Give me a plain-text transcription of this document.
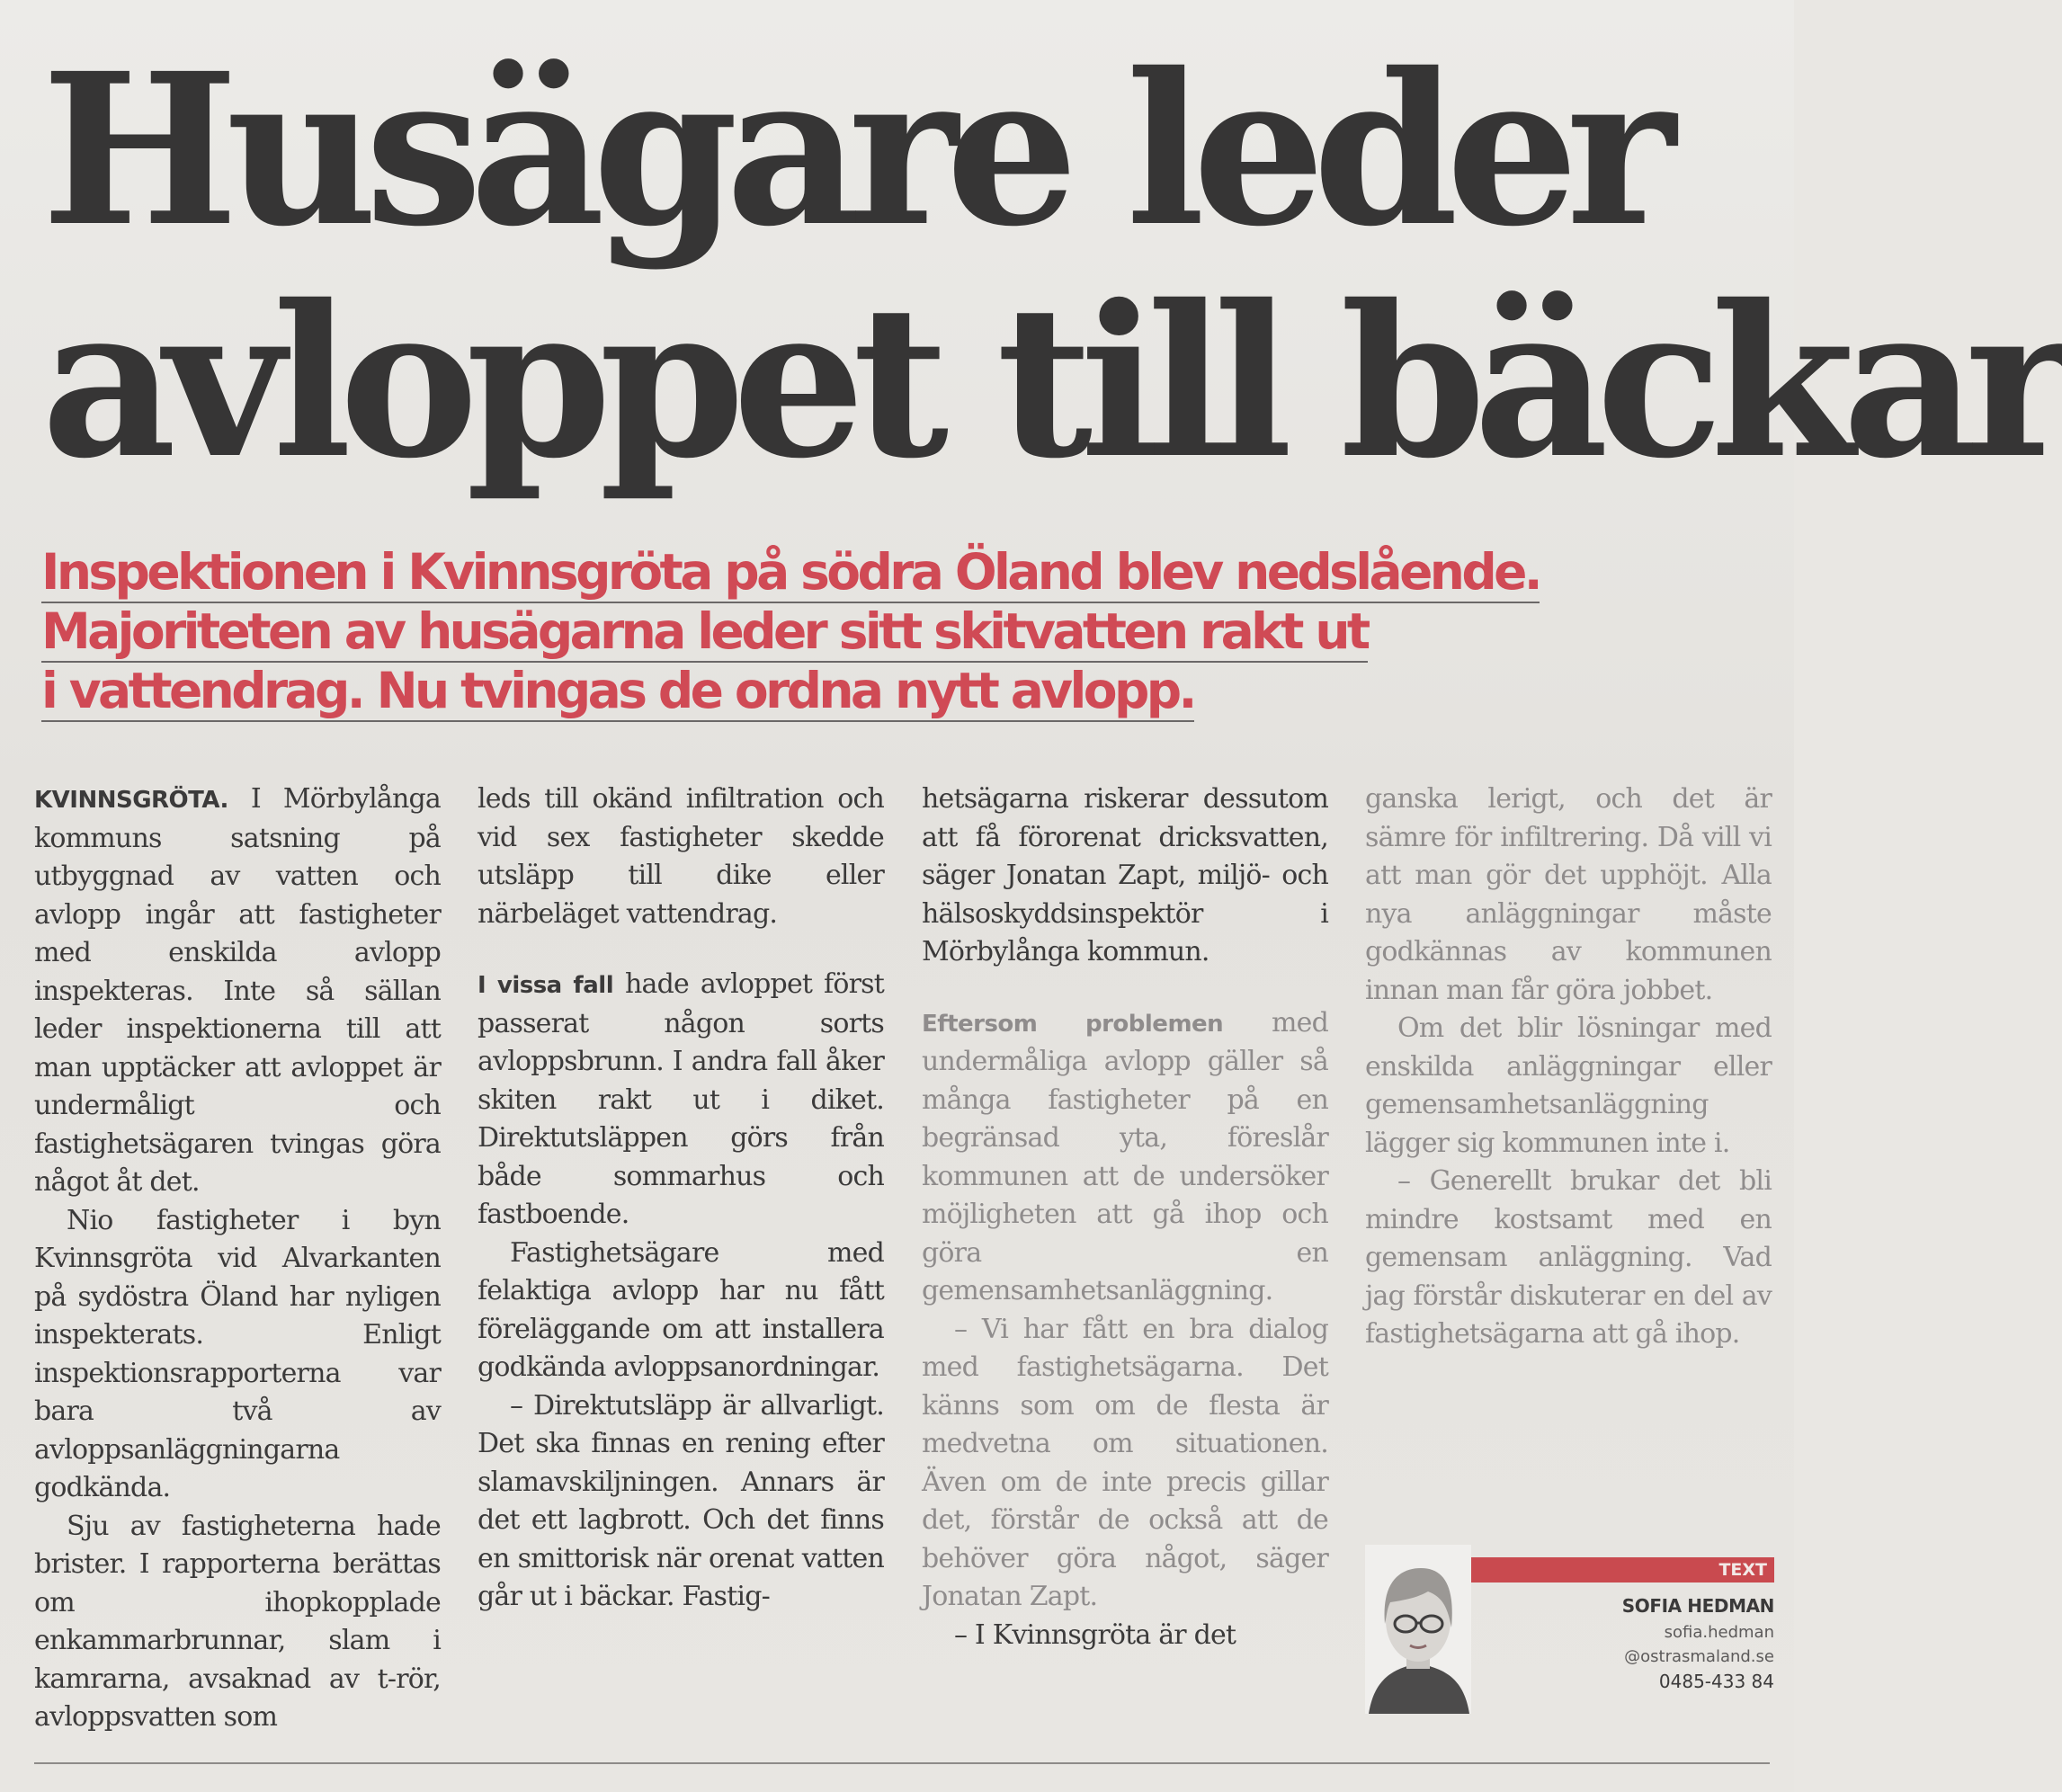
Husägare leder
avloppet till bäckar
Inspektionen i Kvinnsgröta på södra Öland blev nedslående.
Majoriteten av husägarna leder sitt skitvatten rakt ut
i vattendrag. Nu tvingas de ordna nytt avlopp.

KVINNSGRÖTA. I Mörbylånga kommuns satsning på utbyggnad av vatten och avlopp ingår att fastigheter med enskilda avlopp inspekteras. Inte så sällan leder inspektionerna till att man upptäcker att avloppet är undermåligt och fastighetsägaren tvingas göra något åt det.

Nio fastigheter i byn Kvinnsgröta vid Alvarkanten på sydöstra Öland har nyligen inspekterats. Enligt inspektionsrapporterna var bara två av avloppsanläggningarna godkända.

Sju av fastigheterna hade brister. I rapporterna berättas om ihopkopplade enkammarbrunnar, slam i kamrarna, avsaknad av t-rör, avloppsvatten som

leds till okänd infiltration och vid sex fastigheter skedde utsläpp till dike eller närbeläget vattendrag.

I vissa fall hade avloppet först passerat någon sorts avloppsbrunn. I andra fall åker skiten rakt ut i diket. Direktutsläppen görs från både sommarhus och fastboende.

Fastighetsägare med felaktiga avlopp har nu fått föreläggande om att installera godkända avloppsanordningar.

– Direktutsläpp är allvarligt. Det ska finnas en rening efter slamavskiljningen. Annars är det ett lagbrott. Och det finns en smittorisk när orenat vatten går ut i bäckar. Fastig-

hetsägarna riskerar dessutom att få förorenat dricksvatten, säger Jonatan Zapt, miljö- och hälsoskyddsinspektör i Mörbylånga kommun.

Eftersom problemen med undermåliga avlopp gäller så många fastigheter på en begränsad yta, föreslår kommunen att de undersöker möjligheten att gå ihop och göra en gemensamhetsanläggning.

– Vi har fått en bra dialog med fastighetsägarna. Det känns som om de flesta är medvetna om situationen. Även om de inte precis gillar det, förstår de också att de behöver göra något, säger Jonatan Zapt.

– I Kvinnsgröta är det

ganska lerigt, och det är sämre för infiltrering. Då vill vi att man gör det upphöjt. Alla nya anläggningar måste godkännas av kommunen innan man får göra jobbet.

Om det blir lösningar med enskilda anläggningar eller gemensamhetsanläggning lägger sig kommunen inte i.

– Generellt brukar det bli mindre kostsamt med en gemensam anläggning. Vad jag förstår diskuterar en del av fastighetsägarna att gå ihop.

TEXT
SOFIA HEDMAN
sofia.hedman
@ostrasmaland.se
0485-433 84
